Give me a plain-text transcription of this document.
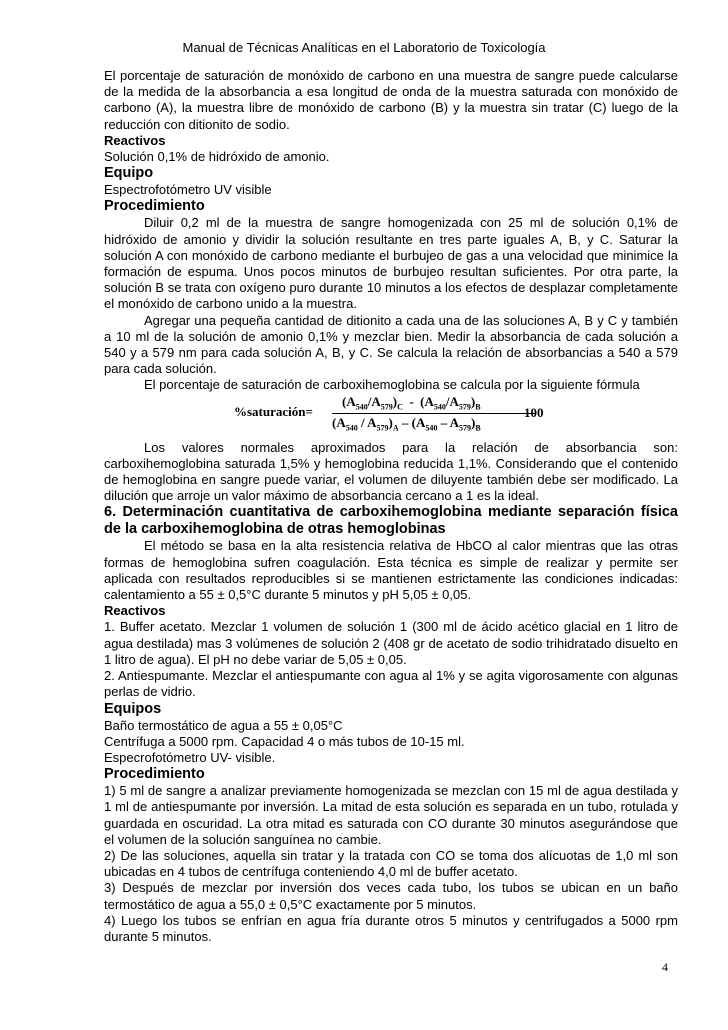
Manual de Técnicas Analíticas en el Laboratorio de Toxicología

El porcentaje de saturación de monóxido de carbono en una muestra de sangre puede calcularse de la medida de la absorbancia a esa longitud de onda de la muestra saturada con monóxido de carbono (A), la muestra libre de monóxido de carbono (B) y la muestra sin tratar (C) luego de la reducción con ditionito de sodio.

Reactivos

Solución 0,1% de hidróxido de amonio.

Equipo

Espectrofotómetro UV visible

Procedimiento

Diluir 0,2 ml de la muestra de sangre homogenizada con 25 ml de solución 0,1% de hidróxido de amonio y dividir la solución resultante en tres parte iguales A, B, y C. Saturar la solución A con monóxido de carbono mediante el burbujeo de gas a una velocidad que minimice la formación de espuma. Unos pocos minutos de burbujeo resultan suficientes. Por otra parte, la solución B se trata con oxígeno puro durante 10 minutos a los efectos de desplazar completamente el monóxido de carbono unido a la muestra.

Agregar una pequeña cantidad de ditionito a cada una de las soluciones A, B y C y también a 10 ml de la solución de amonio 0,1% y mezclar bien. Medir la absorbancia de cada solución a 540 y a 579 nm para cada solución A, B, y C. Se calcula la relación de absorbancias a 540 a 579 para cada solución.

El porcentaje de saturación de carboxihemoglobina se calcula por la siguiente fórmula

%saturación=
$(A_{540}/A_{579})_C - (A_{540}/A_{579})_B$
$(A_{540} / A_{579})_A - (A_{540} - A_{579})_B$
100

Los valores normales aproximados para la relación de absorbancia son: carboxihemoglobina saturada 1,5% y hemoglobina reducida 1,1%. Considerando que el contenido de hemoglobina en sangre puede variar, el volumen de diluyente también debe ser modificado. La dilución que arroje un valor máximo de absorbancia cercano a 1 es la ideal.

6. Determinación cuantitativa de carboxihemoglobina mediante separación física de la carboxihemoglobina de otras hemoglobinas

El método se basa en la alta resistencia relativa de HbCO al calor mientras que las otras formas de hemoglobina sufren coagulación. Esta técnica es simple de realizar y permite ser aplicada con resultados reproducibles si se mantienen estrictamente las condiciones indicadas: calentamiento a 55 ± 0,5°C durante 5 minutos y pH 5,05 ± 0,05.

Reactivos

1. Buffer acetato. Mezclar 1 volumen de solución 1 (300 ml de ácido acético glacial en 1 litro de agua destilada) mas 3 volúmenes de solución 2 (408 gr de acetato de sodio trihidratado disuelto en 1 litro de agua). El pH no debe variar de 5,05 ± 0,05.

2. Antiespumante. Mezclar el antiespumante con agua al 1% y se agita vigorosamente con algunas perlas de vidrio.

Equipos

Baño termostático de agua a 55 ± 0,05°C

Centrífuga a 5000 rpm. Capacidad 4 o más tubos de 10-15 ml.

Especrofotómetro UV- visible.

Procedimiento

1) 5 ml de sangre a analizar previamente homogenizada se mezclan con 15 ml de agua destilada y 1 ml de antiespumante por inversión. La mitad de esta solución es separada en un tubo, rotulada y guardada en oscuridad. La otra mitad es saturada con CO durante 30 minutos asegurándose que el volumen de la solución sanguínea no cambie.

2) De las soluciones, aquella sin tratar y la tratada con CO se toma dos alícuotas de 1,0 ml son ubicadas en 4 tubos de centrífuga conteniendo 4,0 ml de buffer acetato.

3) Después de mezclar por inversión dos veces cada tubo, los tubos se ubican en un baño termostático de agua a 55,0 ± 0,5°C exactamente por 5 minutos.

4) Luego los tubos se enfrían en agua fría durante otros 5 minutos y centrifugados a 5000 rpm durante 5 minutos.

4
